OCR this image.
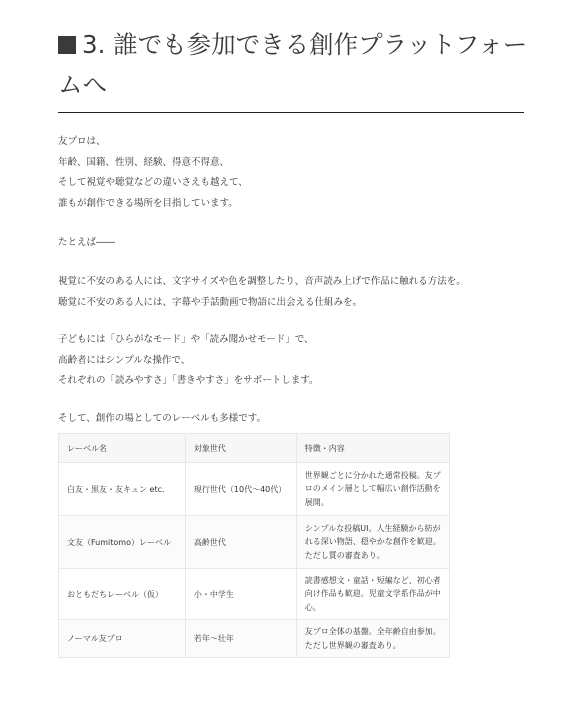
3. 誰でも参加できる創作プラットフォー
ムへ

友プロは、
年齢、国籍、性別、経験、得意不得意、
そして視覚や聴覚などの違いさえも越えて、
誰もが創作できる場所を目指しています。

たとえば――

視覚に不安のある人には、文字サイズや色を調整したり、音声読み上げで作品に触れる方法を。
聴覚に不安のある人には、字幕や手話動画で物語に出会える仕組みを。

子どもには「ひらがなモード」や「読み聞かせモード」で、
高齢者にはシンプルな操作で、
それぞれの「読みやすさ」「書きやすさ」をサポートします。

そして、創作の場としてのレーベルも多様です。

レーベル名	対象世代	特徴・内容
白友・黒友・友キュン etc.	現行世代（10代〜40代）	世界観ごとに分かれた通常投稿。友プロのメイン層として幅広い創作活動を展開。
文友（Fumitomo）レーベル	高齢世代	シンプルな投稿UI。人生経験から紡がれる深い物語、穏やかな創作を歓迎。ただし質の審査あり。
おともだちレーベル（仮）	小・中学生	読書感想文・童話・短編など、初心者向け作品も歓迎。児童文学系作品が中心。
ノーマル友プロ	若年〜壮年	友プロ全体の基盤。全年齢自由参加。ただし世界観の審査あり。
